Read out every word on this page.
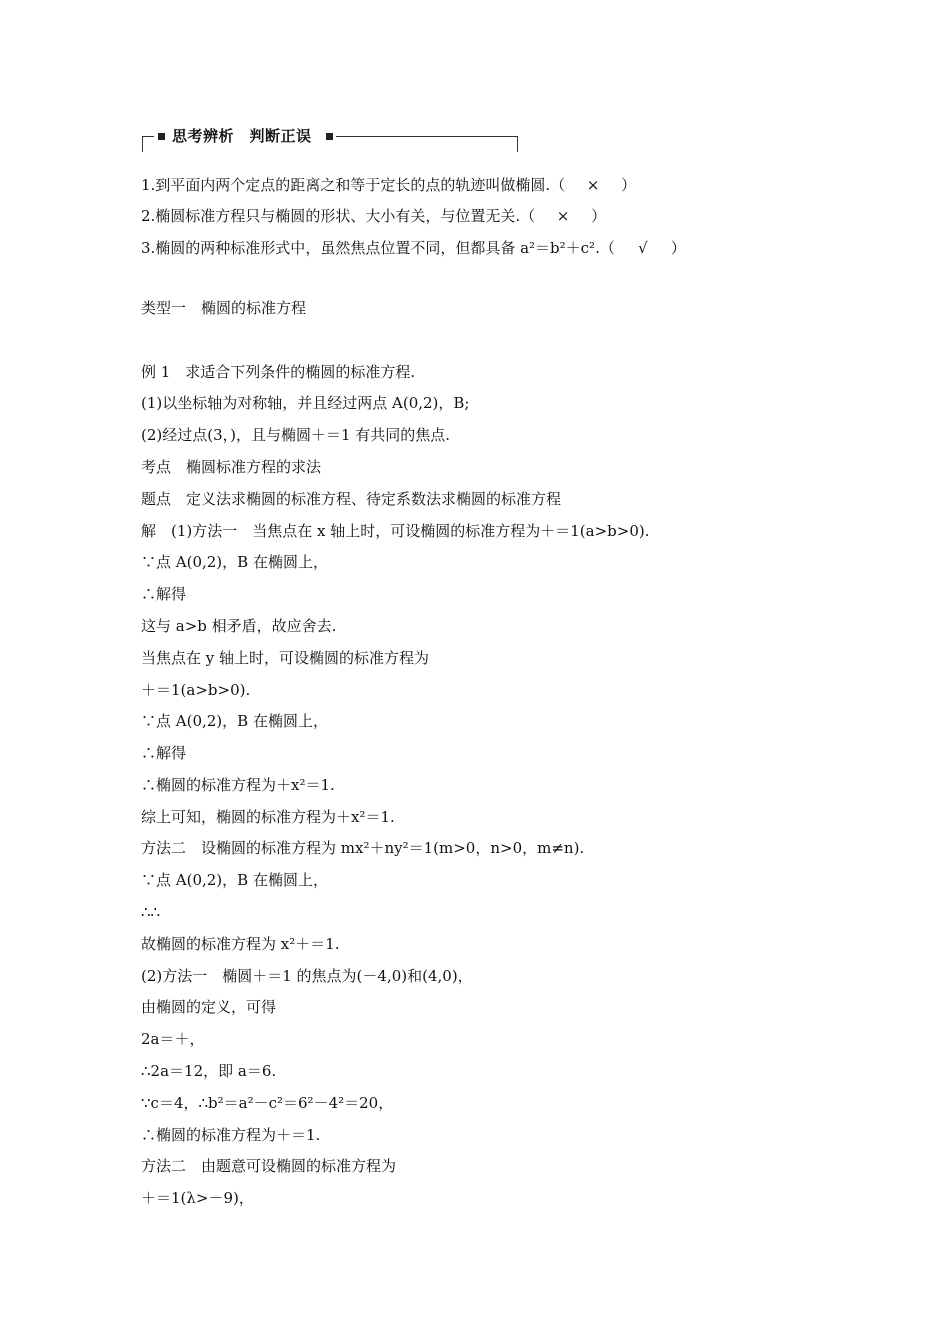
思考辨析　判断正误
1.到平面内两个定点的距离之和等于定长的点的轨迹叫做椭圆.（ × ）
2.椭圆标准方程只与椭圆的形状、大小有关，与位置无关.（ × ）
3.椭圆的两种标准形式中，虽然焦点位置不同，但都具备 a²＝b²＋c².（ √ ）
类型一　椭圆的标准方程
例 1　求适合下列条件的椭圆的标准方程.
(1)以坐标轴为对称轴，并且经过两点 A(0,2)，B;
(2)经过点(3，)，且与椭圆＋＝1 有共同的焦点.
考点　椭圆标准方程的求法
题点　定义法求椭圆的标准方程、待定系数法求椭圆的标准方程
解　(1)方法一　当焦点在 x 轴上时，可设椭圆的标准方程为＋＝1(a>b>0).
∵点 A(0,2)，B 在椭圆上，
∴解得
这与 a>b 相矛盾，故应舍去.
当焦点在 y 轴上时，可设椭圆的标准方程为
＋＝1(a>b>0).
∵点 A(0,2)，B 在椭圆上，
∴解得
∴椭圆的标准方程为＋x²＝1.
综上可知，椭圆的标准方程为＋x²＝1.
方法二　设椭圆的标准方程为 mx²＋ny²＝1(m>0，n>0，m≠n).
∵点 A(0,2)，B 在椭圆上，
∴∴
故椭圆的标准方程为 x²＋＝1.
(2)方法一　椭圆＋＝1 的焦点为(－4,0)和(4,0)，
由椭圆的定义，可得
2a＝＋，
∴2a＝12，即 a＝6.
∵c＝4，∴b²＝a²－c²＝6²－4²＝20，
∴椭圆的标准方程为＋＝1.
方法二　由题意可设椭圆的标准方程为
＋＝1(λ>－9)，
